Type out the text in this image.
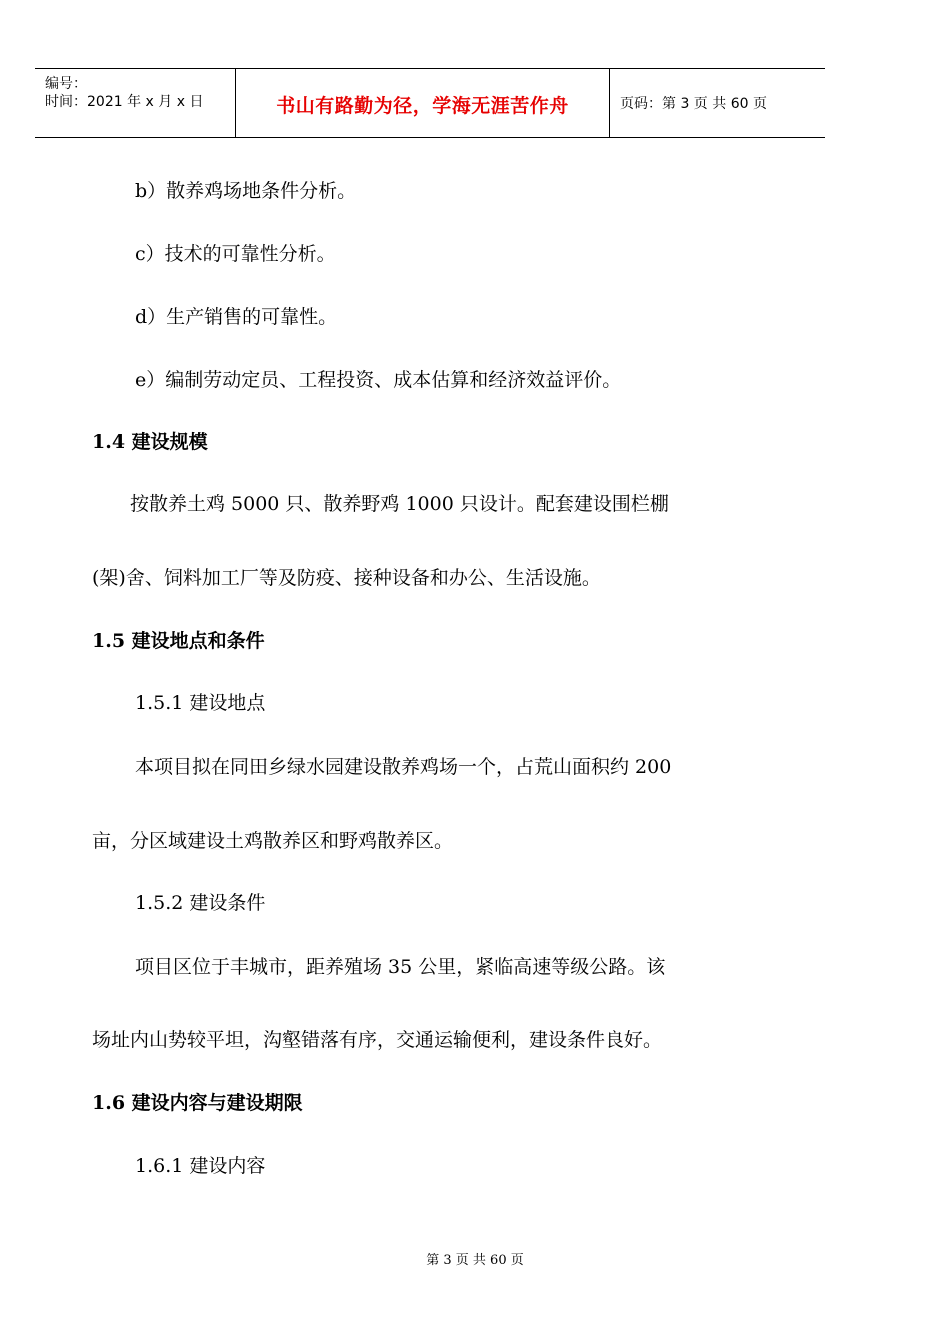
编号：
时间：2021 年 x 月 x 日	书山有路勤为径，学海无涯苦作舟	页码：第 3 页 共 60 页
b）散养鸡场地条件分析。
c）技术的可靠性分析。
d）生产销售的可靠性。
e）编制劳动定员、工程投资、成本估算和经济效益评价。
1.4 建设规模
按散养土鸡 5000 只、散养野鸡 1000 只设计。配套建设围栏棚
(架)舍、饲料加工厂等及防疫、接种设备和办公、生活设施。
1.5 建设地点和条件
1.5.1 建设地点
本项目拟在同田乡绿水园建设散养鸡场一个，占荒山面积约 200
亩，分区域建设土鸡散养区和野鸡散养区。
1.5.2 建设条件
项目区位于丰城市，距养殖场 35 公里，紧临高速等级公路。该
场址内山势较平坦，沟壑错落有序，交通运输便利，建设条件良好。
1.6 建设内容与建设期限
1.6.1 建设内容
第 3 页 共 60 页
